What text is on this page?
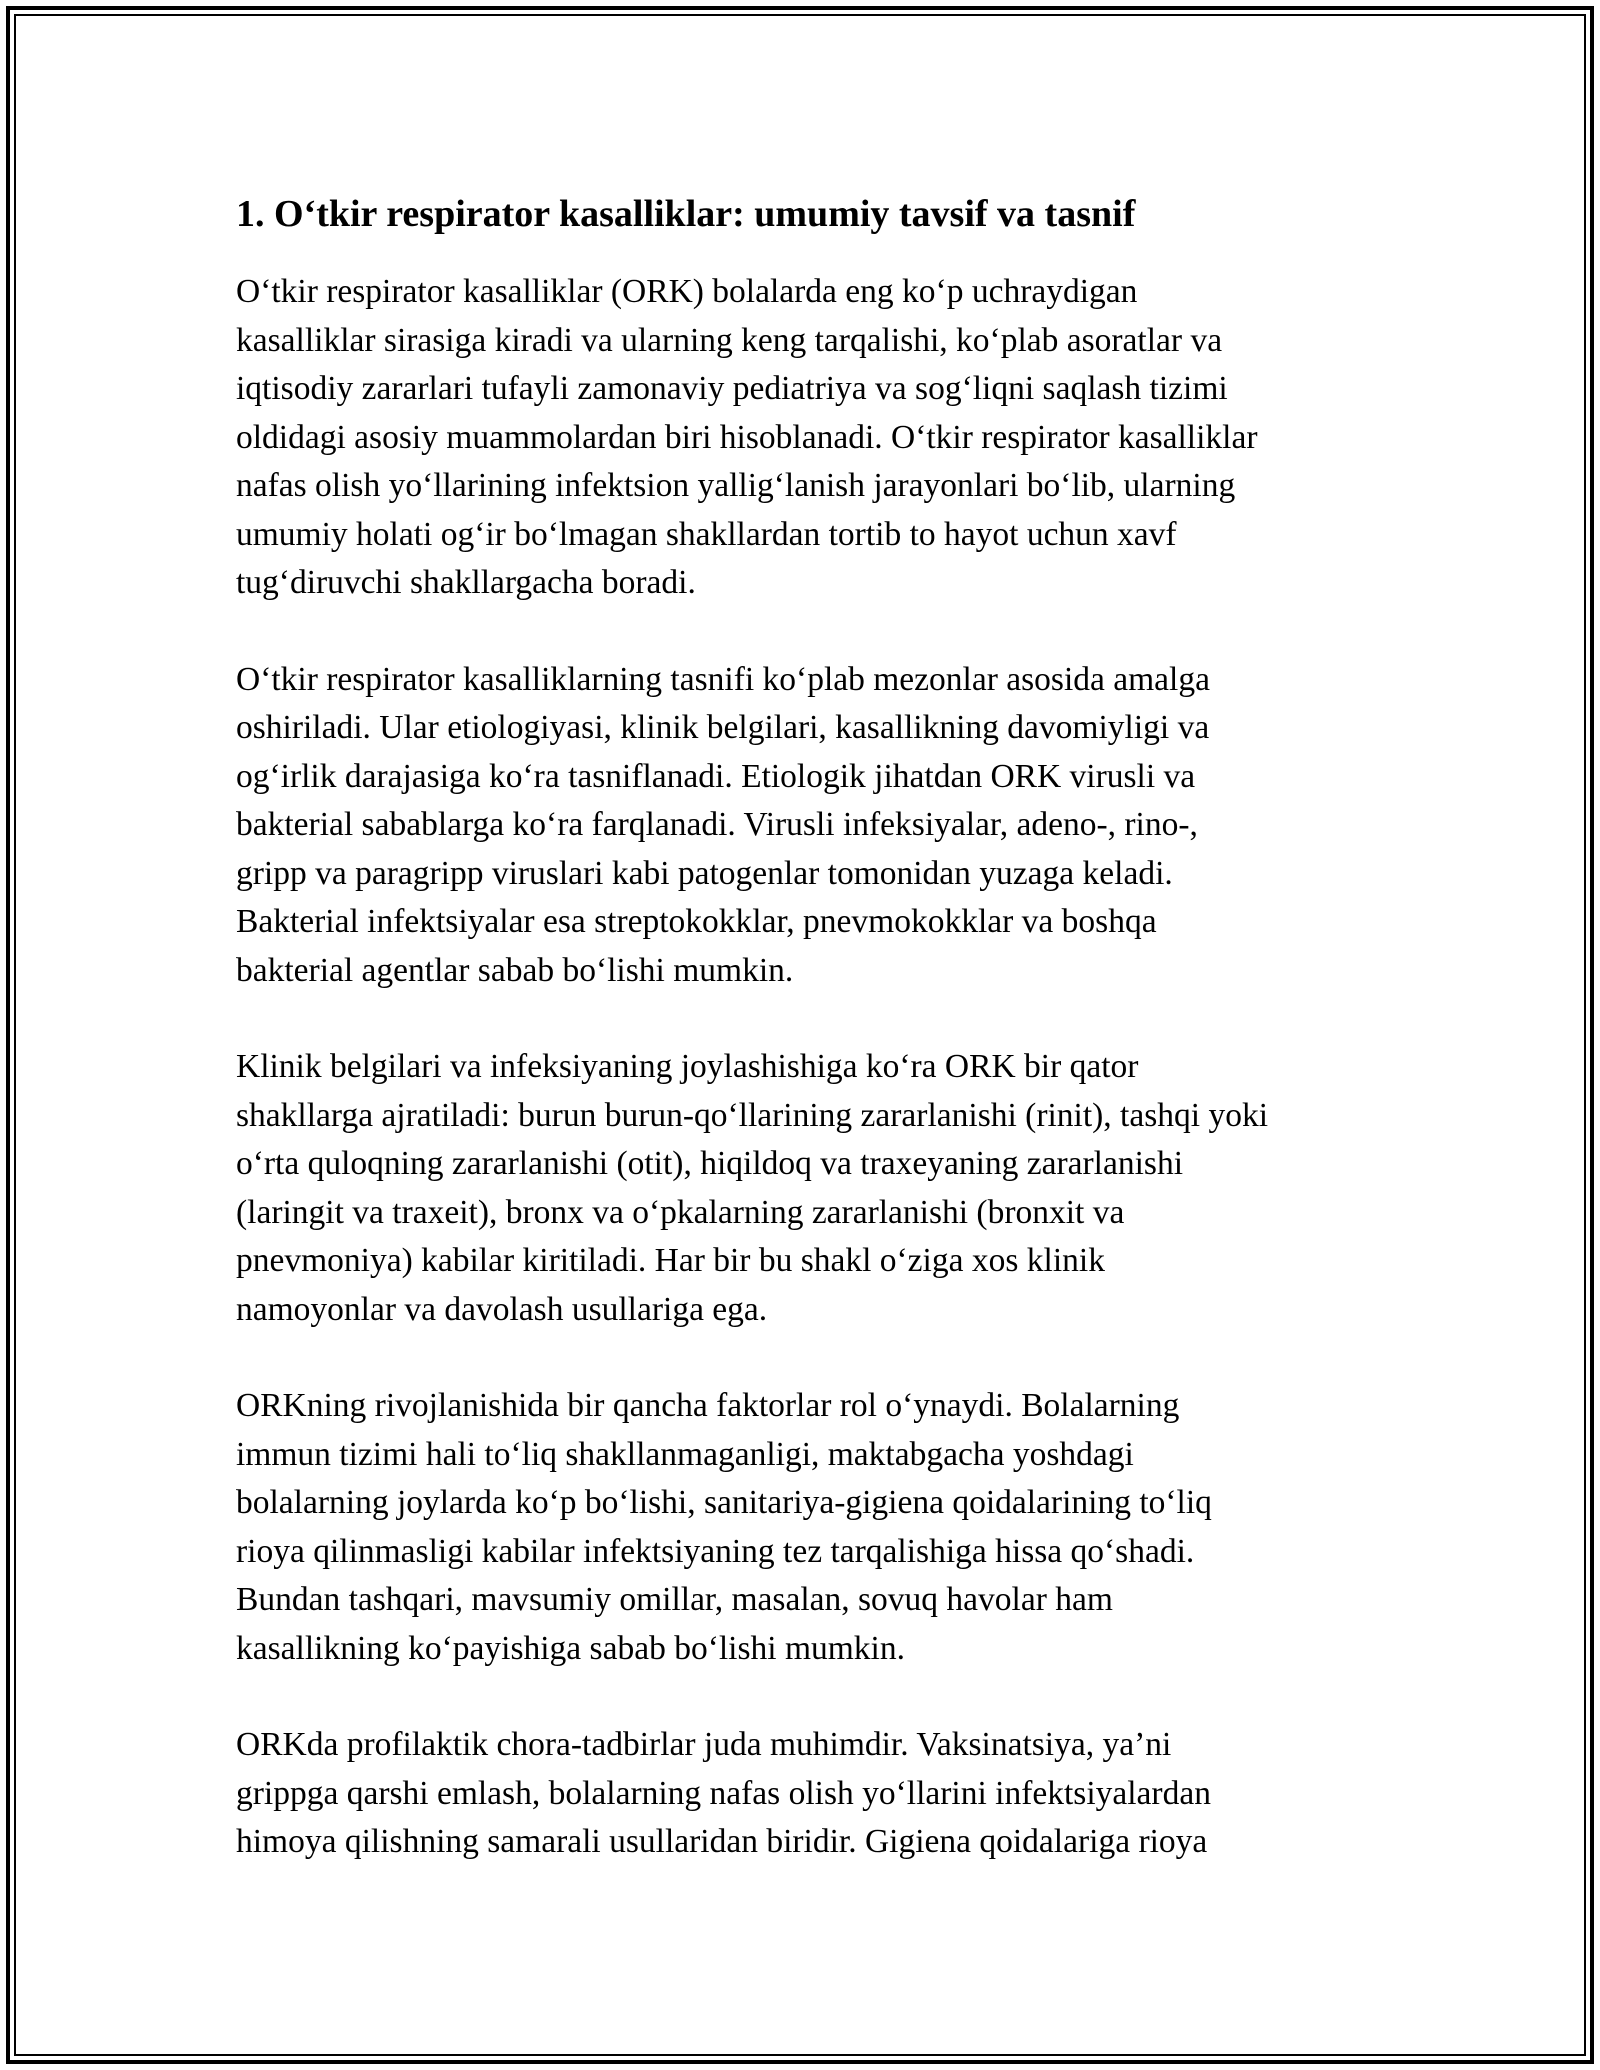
1. O‘tkir respirator kasalliklar: umumiy tavsif va tasnif

O‘tkir respirator kasalliklar (ORK) bolalarda eng ko‘p uchraydigan
kasalliklar sirasiga kiradi va ularning keng tarqalishi, ko‘plab asoratlar va
iqtisodiy zararlari tufayli zamonaviy pediatriya va sog‘liqni saqlash tizimi
oldidagi asosiy muammolardan biri hisoblanadi. O‘tkir respirator kasalliklar
nafas olish yo‘llarining infektsion yallig‘lanish jarayonlari bo‘lib, ularning
umumiy holati og‘ir bo‘lmagan shakllardan tortib to hayot uchun xavf
tug‘diruvchi shakllargacha boradi.

O‘tkir respirator kasalliklarning tasnifi ko‘plab mezonlar asosida amalga
oshiriladi. Ular etiologiyasi, klinik belgilari, kasallikning davomiyligi va
og‘irlik darajasiga ko‘ra tasniflanadi. Etiologik jihatdan ORK virusli va
bakterial sabablarga ko‘ra farqlanadi. Virusli infeksiyalar, adeno-, rino-,
gripp va paragripp viruslari kabi patogenlar tomonidan yuzaga keladi.
Bakterial infektsiyalar esa streptokokklar, pnevmokokklar va boshqa
bakterial agentlar sabab bo‘lishi mumkin.

Klinik belgilari va infeksiyaning joylashishiga ko‘ra ORK bir qator
shakllarga ajratiladi: burun burun-qo‘llarining zararlanishi (rinit), tashqi yoki
o‘rta quloqning zararlanishi (otit), hiqildoq va traxeyaning zararlanishi
(laringit va traxeit), bronx va o‘pkalarning zararlanishi (bronxit va
pnevmoniya) kabilar kiritiladi. Har bir bu shakl o‘ziga xos klinik
namoyonlar va davolash usullariga ega.

ORKning rivojlanishida bir qancha faktorlar rol o‘ynaydi. Bolalarning
immun tizimi hali to‘liq shakllanmaganligi, maktabgacha yoshdagi
bolalarning joylarda ko‘p bo‘lishi, sanitariya-gigiena qoidalarining to‘liq
rioya qilinmasligi kabilar infektsiyaning tez tarqalishiga hissa qo‘shadi.
Bundan tashqari, mavsumiy omillar, masalan, sovuq havolar ham
kasallikning ko‘payishiga sabab bo‘lishi mumkin.

ORKda profilaktik chora-tadbirlar juda muhimdir. Vaksinatsiya, ya’ni
grippga qarshi emlash, bolalarning nafas olish yo‘llarini infektsiyalardan
himoya qilishning samarali usullaridan biridir. Gigiena qoidalariga rioya
